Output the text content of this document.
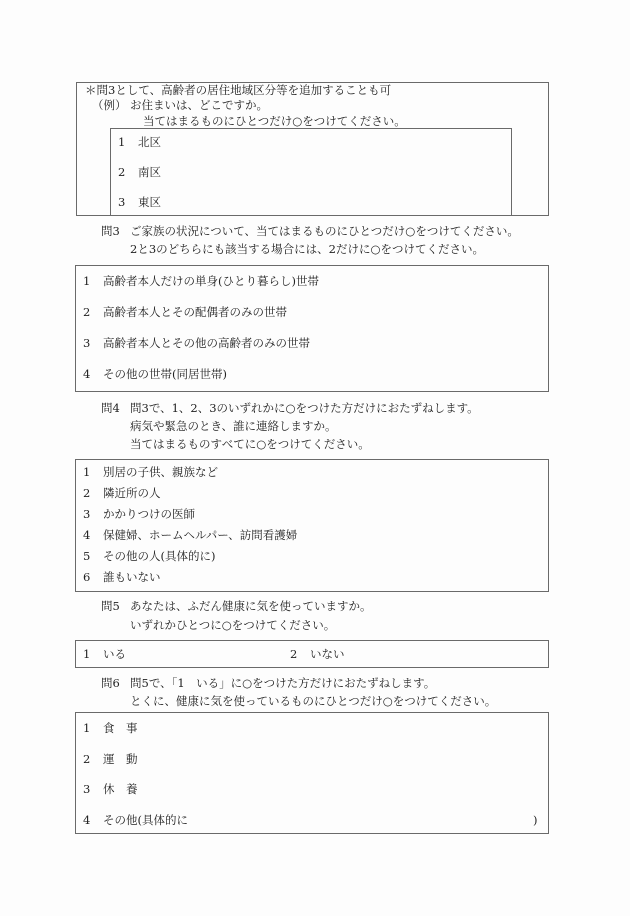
＊問3として、高齢者の居住地域区分等を追加することも可
（例） お住まいは、どこですか。
当てはまるものにひとつだけ○をつけてください。
1 北区
2 南区
3 東区
問3 ご家族の状況について、当てはまるものにひとつだけ○をつけてください。
2と3のどちらにも該当する場合には、2だけに○をつけてください。
1 高齢者本人だけの単身(ひとり暮らし)世帯
2 高齢者本人とその配偶者のみの世帯
3 高齢者本人とその他の高齢者のみの世帯
4 その他の世帯(同居世帯)
問4 問3で、1、2、3のいずれかに○をつけた方だけにおたずねします。
病気や緊急のとき、誰に連絡しますか。
当てはまるものすべてに○をつけてください。
1 別居の子供、親族など
2 隣近所の人
3 かかりつけの医師
4 保健婦、ホームヘルパー、訪問看護婦
5 その他の人(具体的に)
6 誰もいない
問5 あなたは、ふだん健康に気を使っていますか。
いずれかひとつに○をつけてください。
1 いる	2 いない
問6 問5で、「1　いる」に○をつけた方だけにおたずねします。
とくに、健康に気を使っているものにひとつだけ○をつけてください。
1 食　事
2 運　動
3 休　養
4 その他(具体的に	)
